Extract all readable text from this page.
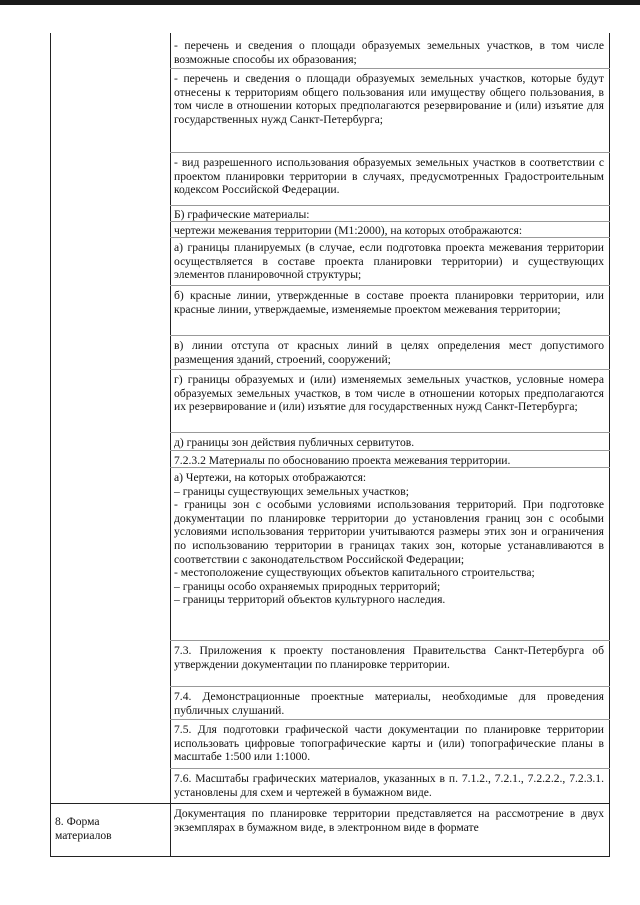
8. Форма
материалов
- перечень и сведения о площади образуемых земельных участков, в том числе возможные способы их образования;
- перечень и сведения о площади образуемых земельных участков, которые будут отнесены к территориям общего пользования или имуществу общего пользования, в том числе в отношении которых предполагаются резервирование и (или) изъятие для государственных нужд Санкт-Петербурга;
- вид разрешенного использования образуемых земельных участков в соответствии с проектом планировки территории в случаях, предусмотренных Градостроительным кодексом Российской Федерации.
Б) графические материалы:
чертежи межевания территории (М1:2000), на которых отображаются:
а) границы планируемых (в случае, если подготовка проекта межевания территории осуществляется в составе проекта планировки территории) и существующих элементов планировочной структуры;
б) красные линии, утвержденные в составе проекта планировки территории, или красные линии, утверждаемые, изменяемые проектом межевания территории;
в) линии отступа от красных линий в целях определения мест допустимого размещения зданий, строений, сооружений;
г) границы образуемых и (или) изменяемых земельных участков, условные номера образуемых земельных участков, в том числе в отношении которых предполагаются их резервирование и (или) изъятие для государственных нужд Санкт-Петербурга;
д) границы зон действия публичных сервитутов.
7.2.3.2 Материалы по обоснованию проекта межевания территории.
а) Чертежи, на которых отображаются:
– границы существующих земельных участков;
- границы зон с особыми условиями использования территорий. При подготовке документации по планировке территории до установления границ зон с особыми условиями использования территории учитываются размеры этих зон и ограничения по использованию территории в границах таких зон, которые устанавливаются в соответствии с законодательством Российской Федерации;
- местоположение существующих объектов капитального строительства;
– границы особо охраняемых природных территорий;
– границы территорий объектов культурного наследия.
7.3. Приложения к проекту постановления Правительства Санкт-Петербурга об утверждении документации по планировке территории.
7.4. Демонстрационные проектные материалы, необходимые для проведения публичных слушаний.
7.5. Для подготовки графической части документации по планировке территории использовать цифровые топографические карты и (или) топографические планы в масштабе 1:500 или 1:1000.
7.6. Масштабы графических материалов, указанных в п. 7.1.2., 7.2.1., 7.2.2.2., 7.2.3.1. установлены для схем и чертежей в бумажном виде.
Документация по планировке территории представляется на рассмотрение в двух экземплярах в бумажном виде, в электронном виде в формате
